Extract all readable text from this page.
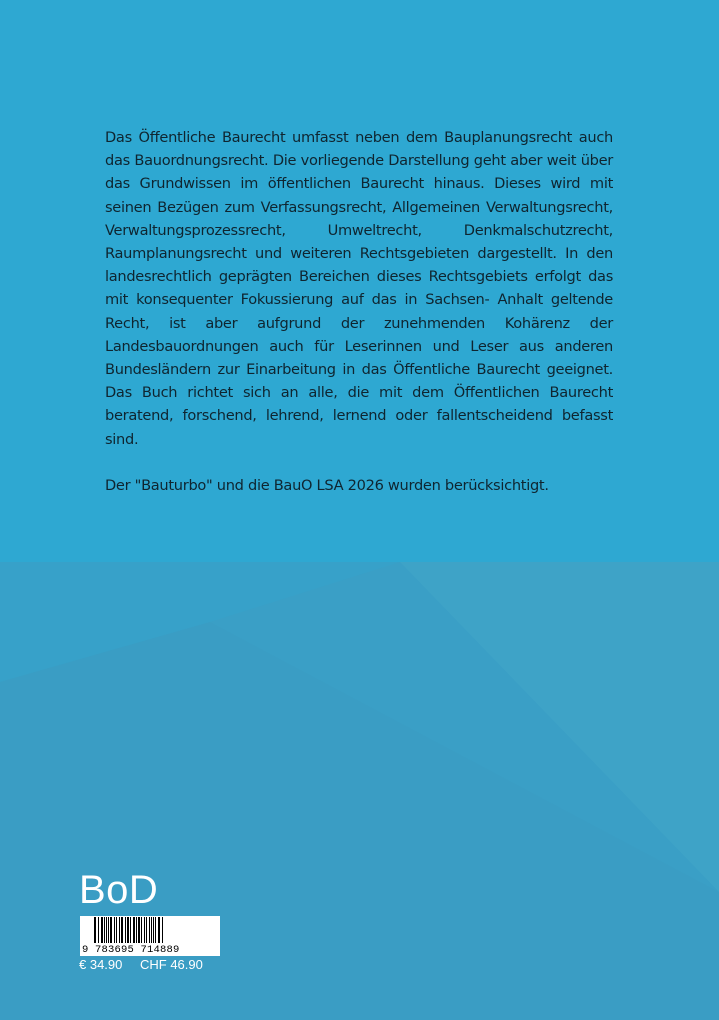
Das Öffentliche Baurecht umfasst neben dem Bauplanungsrecht auch das Bauordnungsrecht. Die vorliegende Darstellung geht aber weit über das Grundwissen im öffentlichen Baurecht hinaus. Dieses wird mit seinen Bezügen zum Verfassungsrecht, Allgemeinen Verwaltungsrecht, Verwaltungsprozessrecht, Umweltrecht, Denkmalschutzrecht, Raumplanungsrecht und weiteren Rechtsgebieten dargestellt. In den landesrechtlich geprägten Bereichen dieses Rechtsgebiets erfolgt das mit konsequenter Fokussierung auf das in Sachsen- Anhalt geltende Recht, ist aber aufgrund der zunehmenden Kohärenz der Landesbauordnungen auch für Leserinnen und Leser aus anderen Bundesländern zur Einarbeitung in das Öffentliche Baurecht geeignet. Das Buch richtet sich an alle, die mit dem Öffentlichen Baurecht beratend, forschend, lehrend, lernend oder fallentscheidend befasst sind.

Der "Bauturbo" und die BauO LSA 2026 wurden berücksichtigt.

BoD
9 783695 714889
€ 34.90 CHF 46.90
